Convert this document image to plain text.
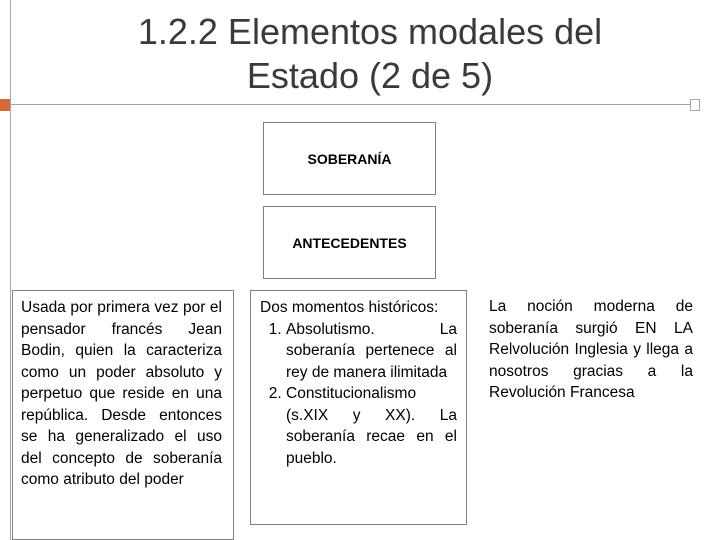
1.2.2 Elementos modales del
Estado (2 de 5)
SOBERANÍA
ANTECEDENTES
Usada por primera vez por el pensador francés Jean Bodin, quien la caracteriza como un poder absoluto y perpetuo que reside en una república. Desde entonces se ha generalizado el uso del concepto de soberanía como atributo del poder
Dos momentos históricos:
1. Absolutismo. La soberanía pertenece al rey de manera ilimitada
2. Constitucionalismo (s.XIX y XX). La soberanía recae en el pueblo.
La noción moderna de soberanía surgió EN LA Relvolución Inglesia y llega a nosotros gracias a la Revolución Francesa
